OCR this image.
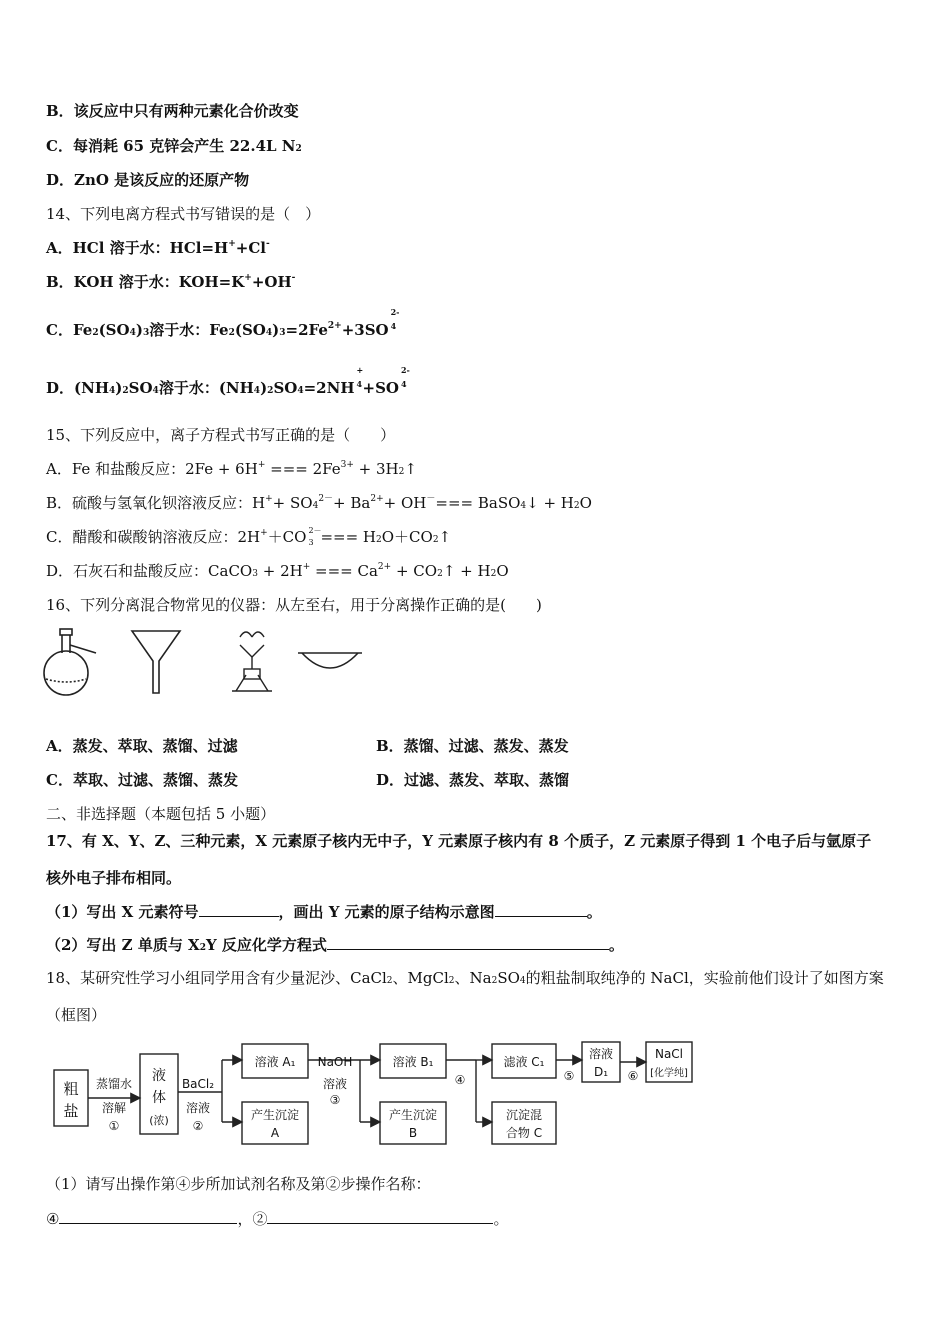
B．该反应中只有两种元素化合价改变
C．每消耗 65 克锌会产生 22.4L $N_2$
D．ZnO 是该反应的还原产物
14、下列电离方程式书写错误的是（　）
A．HCl 溶于水：HCl=H++Cl-
B．KOH 溶于水：KOH=K++OH-
C．$Fe_2(SO_4)_3$溶于水：$Fe_2(SO_4)_3=2Fe^{2+}+3SO$
2-
4
D．$(NH_4)_2SO_4$溶于水：$(NH_4)_2SO_4=2NH$
+
4 +SO
2-
4
15、下列反应中，离子方程式书写正确的是（　　）
A．Fe 和盐酸反应：2Fe + 6H+ === $2Fe^{3+}$ + $3H_2↑$
B．硫酸与氢氧化钡溶液反应：$H^++ SO_4^{2-}+ Ba^{2+}+ OH^-===$ BaSO$_4$↓ + $H_2O$
C．醋酸和碳酸钠溶液反应：2H+＋CO 2－
3 === $H_2O+CO_2↑$
D．石灰石和盐酸反应：CaCO$_3$ + 2H+ === $Ca^{2+}$ + $CO_2↑ + H_2O$
16、下列分离混合物常见的仪器：从左至右，用于分离操作正确的是(　　)
A．蒸发、萃取、蒸馏、过滤	B．蒸馏、过滤、蒸发、蒸发
C．萃取、过滤、蒸馏、蒸发	D．过滤、蒸发、萃取、蒸馏
二、非选择题（本题包括 5 小题）
17、有 X、Y、Z、三种元素，X 元素原子核内无中子，Y 元素原子核内有 8 个质子，Z 元素原子得到 1 个电子后与氩原子
核外电子排布相同。
（1）写出 X 元素符号	，画出 Y 元素的原子结构示意图	。
（2）写出 Z 单质与 $X_2Y$ 反应化学方程式	。
18、某研究性学习小组同学用含有少量泥沙、CaCl$_2$、MgCl$_2$、$Na_2SO_4$的粗盐制取纯净的 NaCl，实验前他们设计了如图方案
（框图）
粗
盐
蒸馏水
溶解
①
液
体
(浓)
BaCl₂
溶液
②
溶液 A₁
产生沉淀
A
NaOH
溶液
③
溶液 B₁
产生沉淀
B
④
滤液 C₁
沉淀混
合物 C
⑤
溶液
D₁ ⑥
NaCl
[化学纯]
（1）请写出操作第④步所加试剂名称及第②步操作名称：
④	，②	。
